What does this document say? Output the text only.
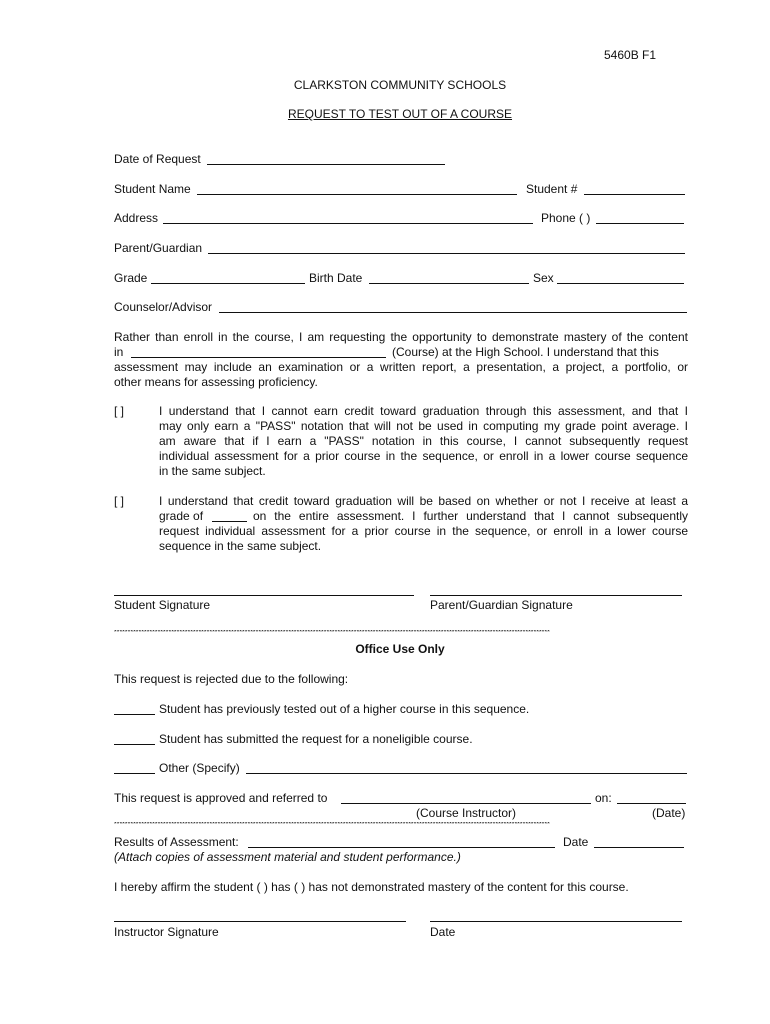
5460B F1
CLARKSTON COMMUNITY SCHOOLS
REQUEST TO TEST OUT OF A COURSE
Date of Request
Student Name	Student #
Address	Phone ( )
Parent/Guardian
Grade	Birth Date	Sex
Counselor/Advisor
Rather than enroll in the course, I am requesting the opportunity to demonstrate mastery of the content
in	(Course) at the High School. I understand that this
assessment may include an examination or a written report, a presentation, a project, a portfolio, or
other means for assessing proficiency.
[ ]	I understand that I cannot earn credit toward graduation through this assessment, and that I
may only earn a "PASS" notation that will not be used in computing my grade point average. I
am aware that if I earn a "PASS" notation in this course, I cannot subsequently request
individual assessment for a prior course in the sequence, or enroll in a lower course sequence
in the same subject.
[ ]	I understand that credit toward graduation will be based on whether or not I receive at least a
grade of	on the entire assessment. I further understand that I cannot subsequently
request individual assessment for a prior course in the sequence, or enroll in a lower course
sequence in the same subject.
Student Signature	Parent/Guardian Signature
****************************************************************************************************************************************************************
Office Use Only
This request is rejected due to the following:
Student has previously tested out of a higher course in this sequence.
Student has submitted the request for a noneligible course.
Other (Specify)
This request is approved and referred to	on:
(Course Instructor)	(Date)
****************************************************************************************************************************************************************
Results of Assessment:	Date
(Attach copies of assessment material and student performance.)
I hereby affirm the student ( ) has ( ) has not demonstrated mastery of the content for this course.
Instructor Signature	Date
